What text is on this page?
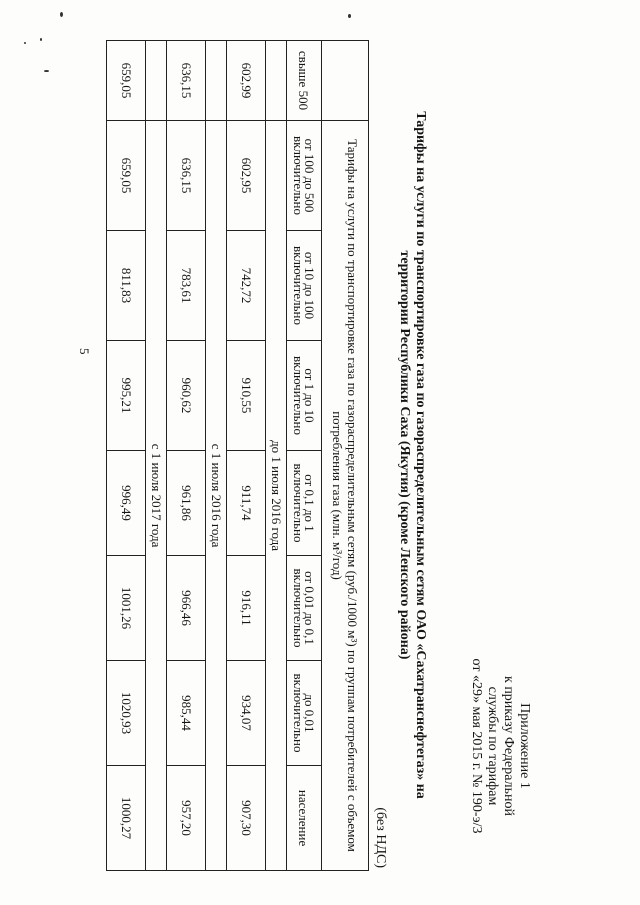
Приложение 1
к приказу Федеральной
службы по тарифам
от «29» мая 2015 г. № 190-э/3
Тарифы на услуги по транспортировке газа по газораспределительным сетям ОАО «Сахатранснефтегаз» на
территории Республики Саха (Якутия) (кроме Ленского района)
(без НДС)
	Тарифы на услуги по транспортировке газа по газораспределительным сетям (руб./1000 м³) по группам потребителей с объемом потребления газа (млн. м³/год)						
свыше 500	от 100 до 500 включительно	от 10 до 100 включительно	от 1 до 10 включительно	от 0,1 до 1 включительно	от 0,01 до 0,1 включительно	до 0,01 включительно	население
	до 1 июля 2016 года						
602,99	602,95	742,72	910,55	911,74	916,11	934,07	907,30
	с 1 июля 2016 года						
636,15	636,15	783,61	960,62	961,86	966,46	985,44	957,20
	с 1 июля 2017 года						
659,05	659,05	811,83	995,21	996,49	1001,26	1020,93	1000,27
5
